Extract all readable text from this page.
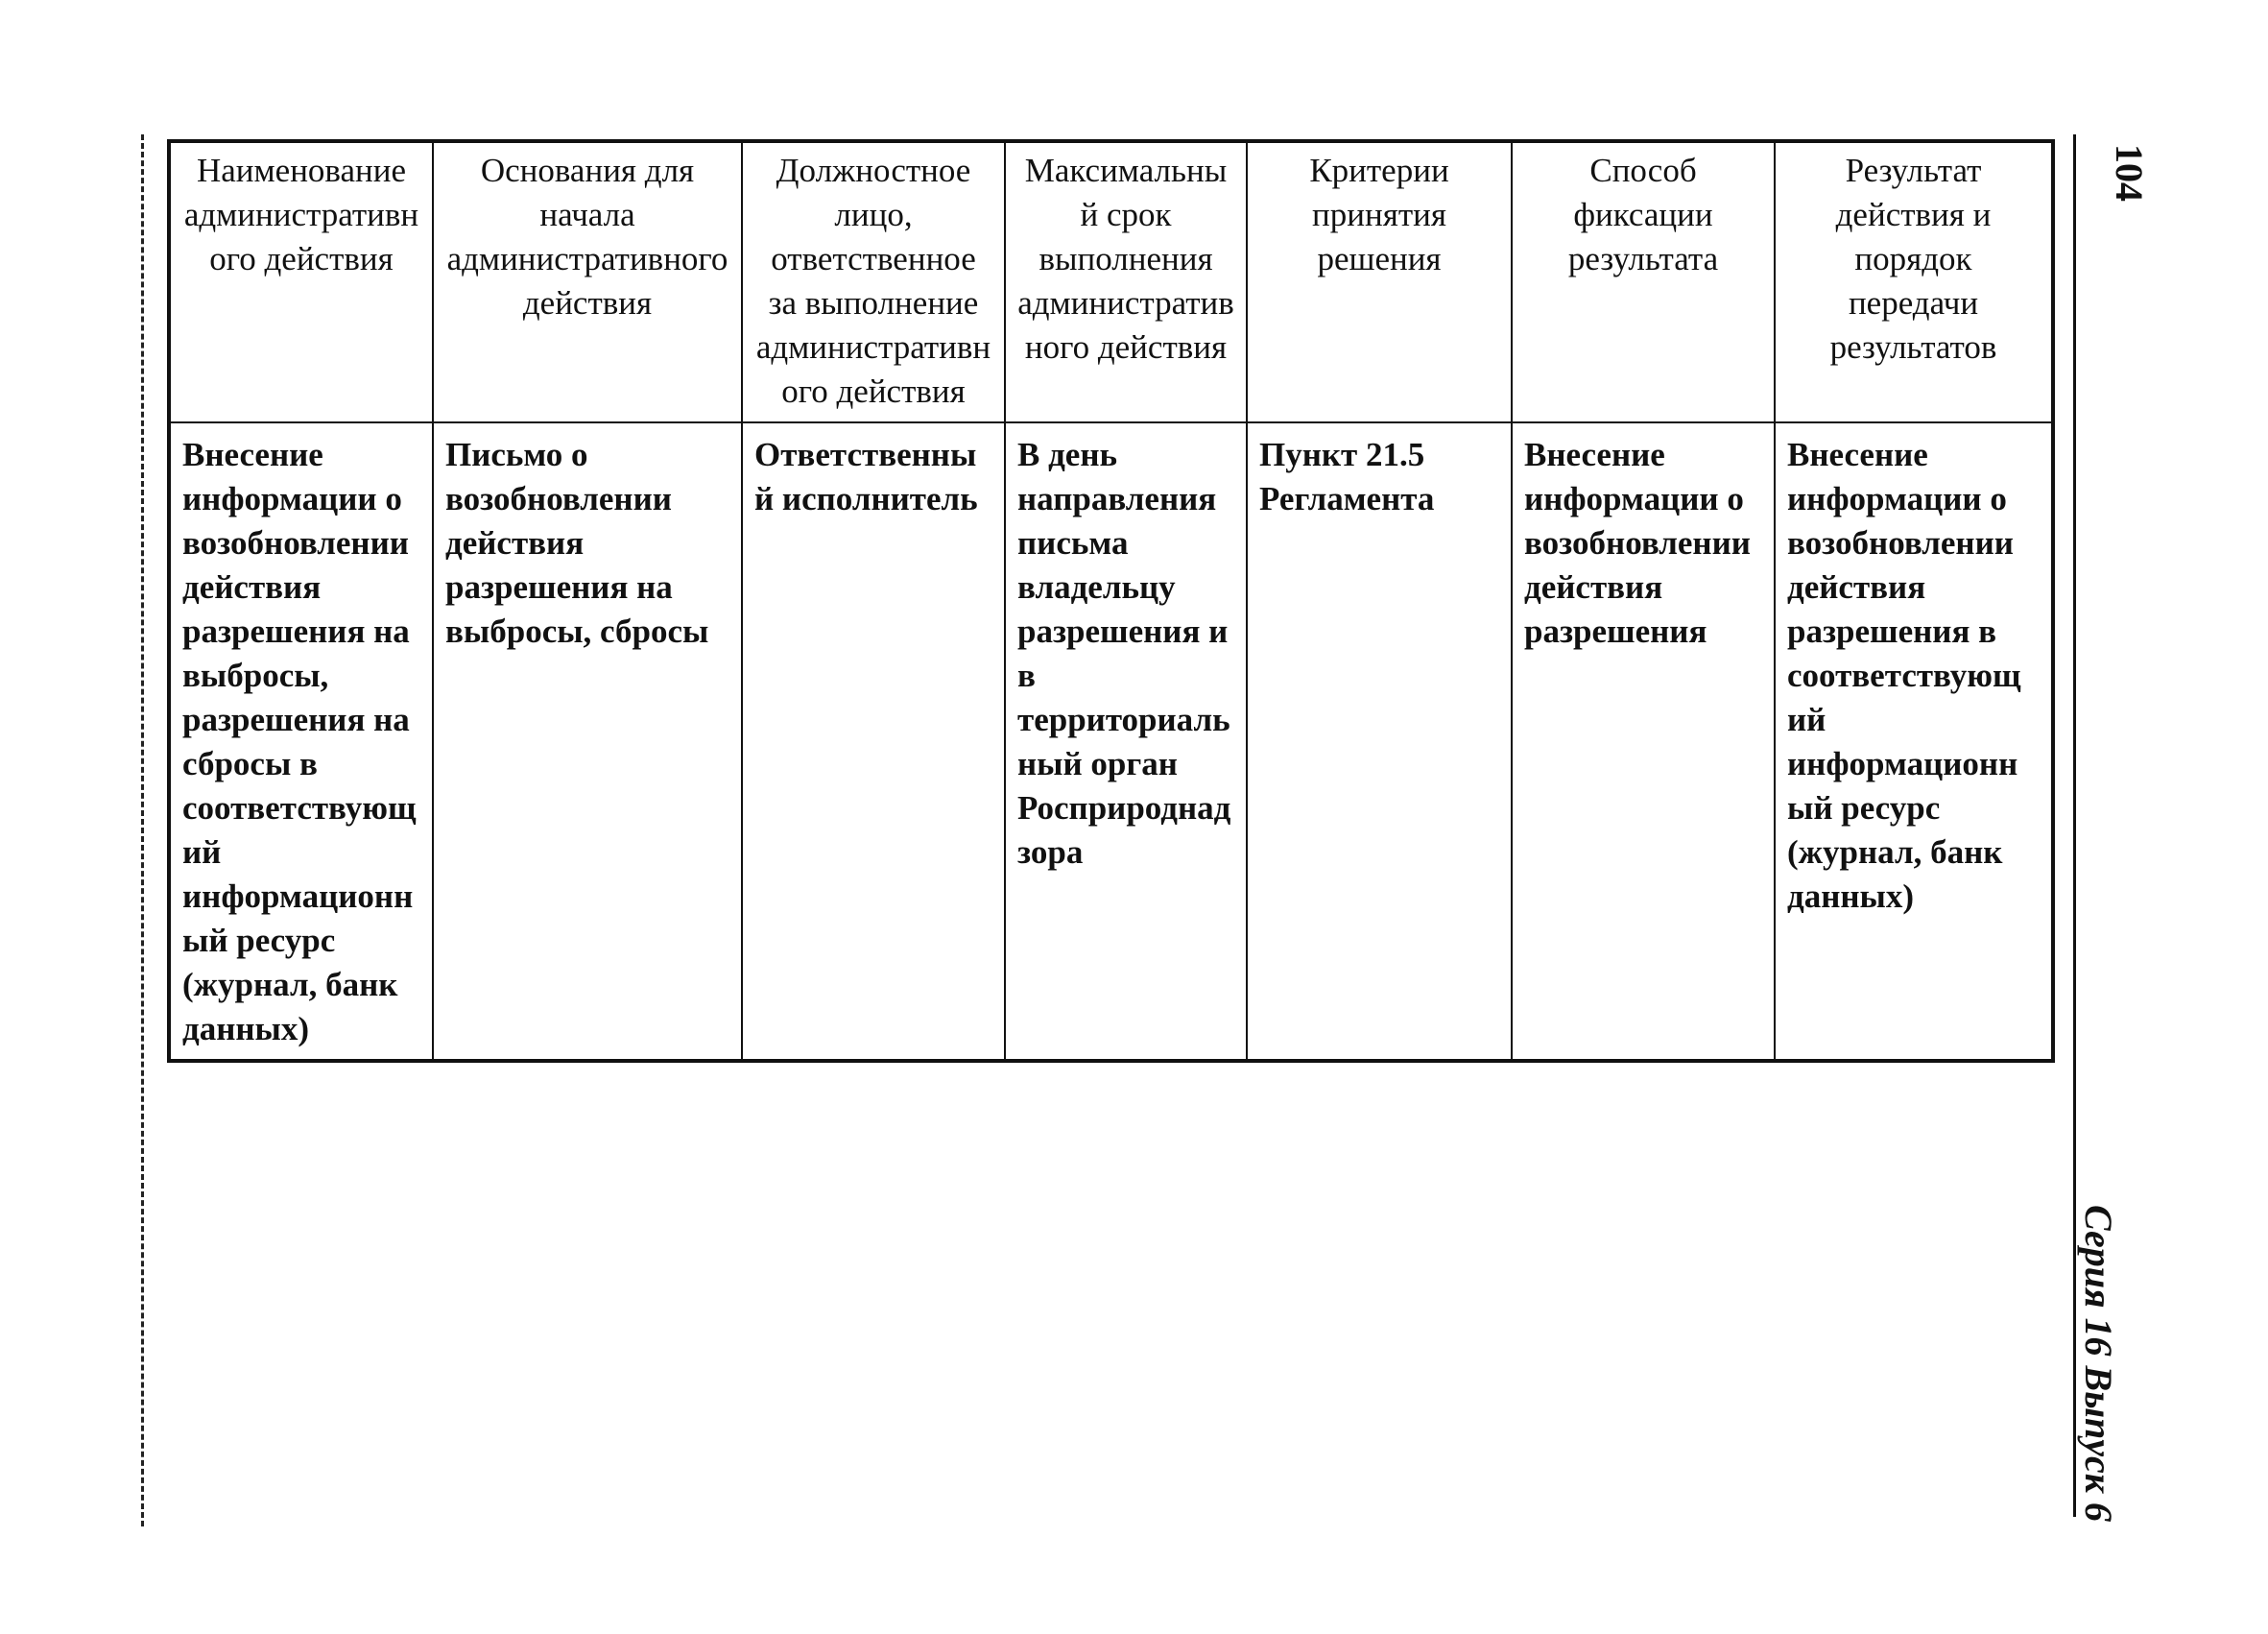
104
Серия 16 Выпуск 6
Наименование административного действия	Основания для начала административного действия	Должностное лицо, ответственное за выполнение административного действия	Максимальный срок выполнения административного действия	Критерии принятия решения	Способ фиксации результата	Результат действия и порядок передачи результатов
Внесение информации о возобновлении действия разрешения на выбросы, разрешения на сбросы в соответствующий информационный ресурс (журнал, банк данных)	Письмо о возобновлении действия разрешения на выбросы, сбросы	Ответственный исполнитель	В день направления письма владельцу разрешения и в территориальный орган Росприроднадзора	Пункт 21.5 Регламента	Внесение информации о возобновлении действия разрешения	Внесение информации о возобновлении действия разрешения в соответствующий информационный ресурс (журнал, банк данных)
